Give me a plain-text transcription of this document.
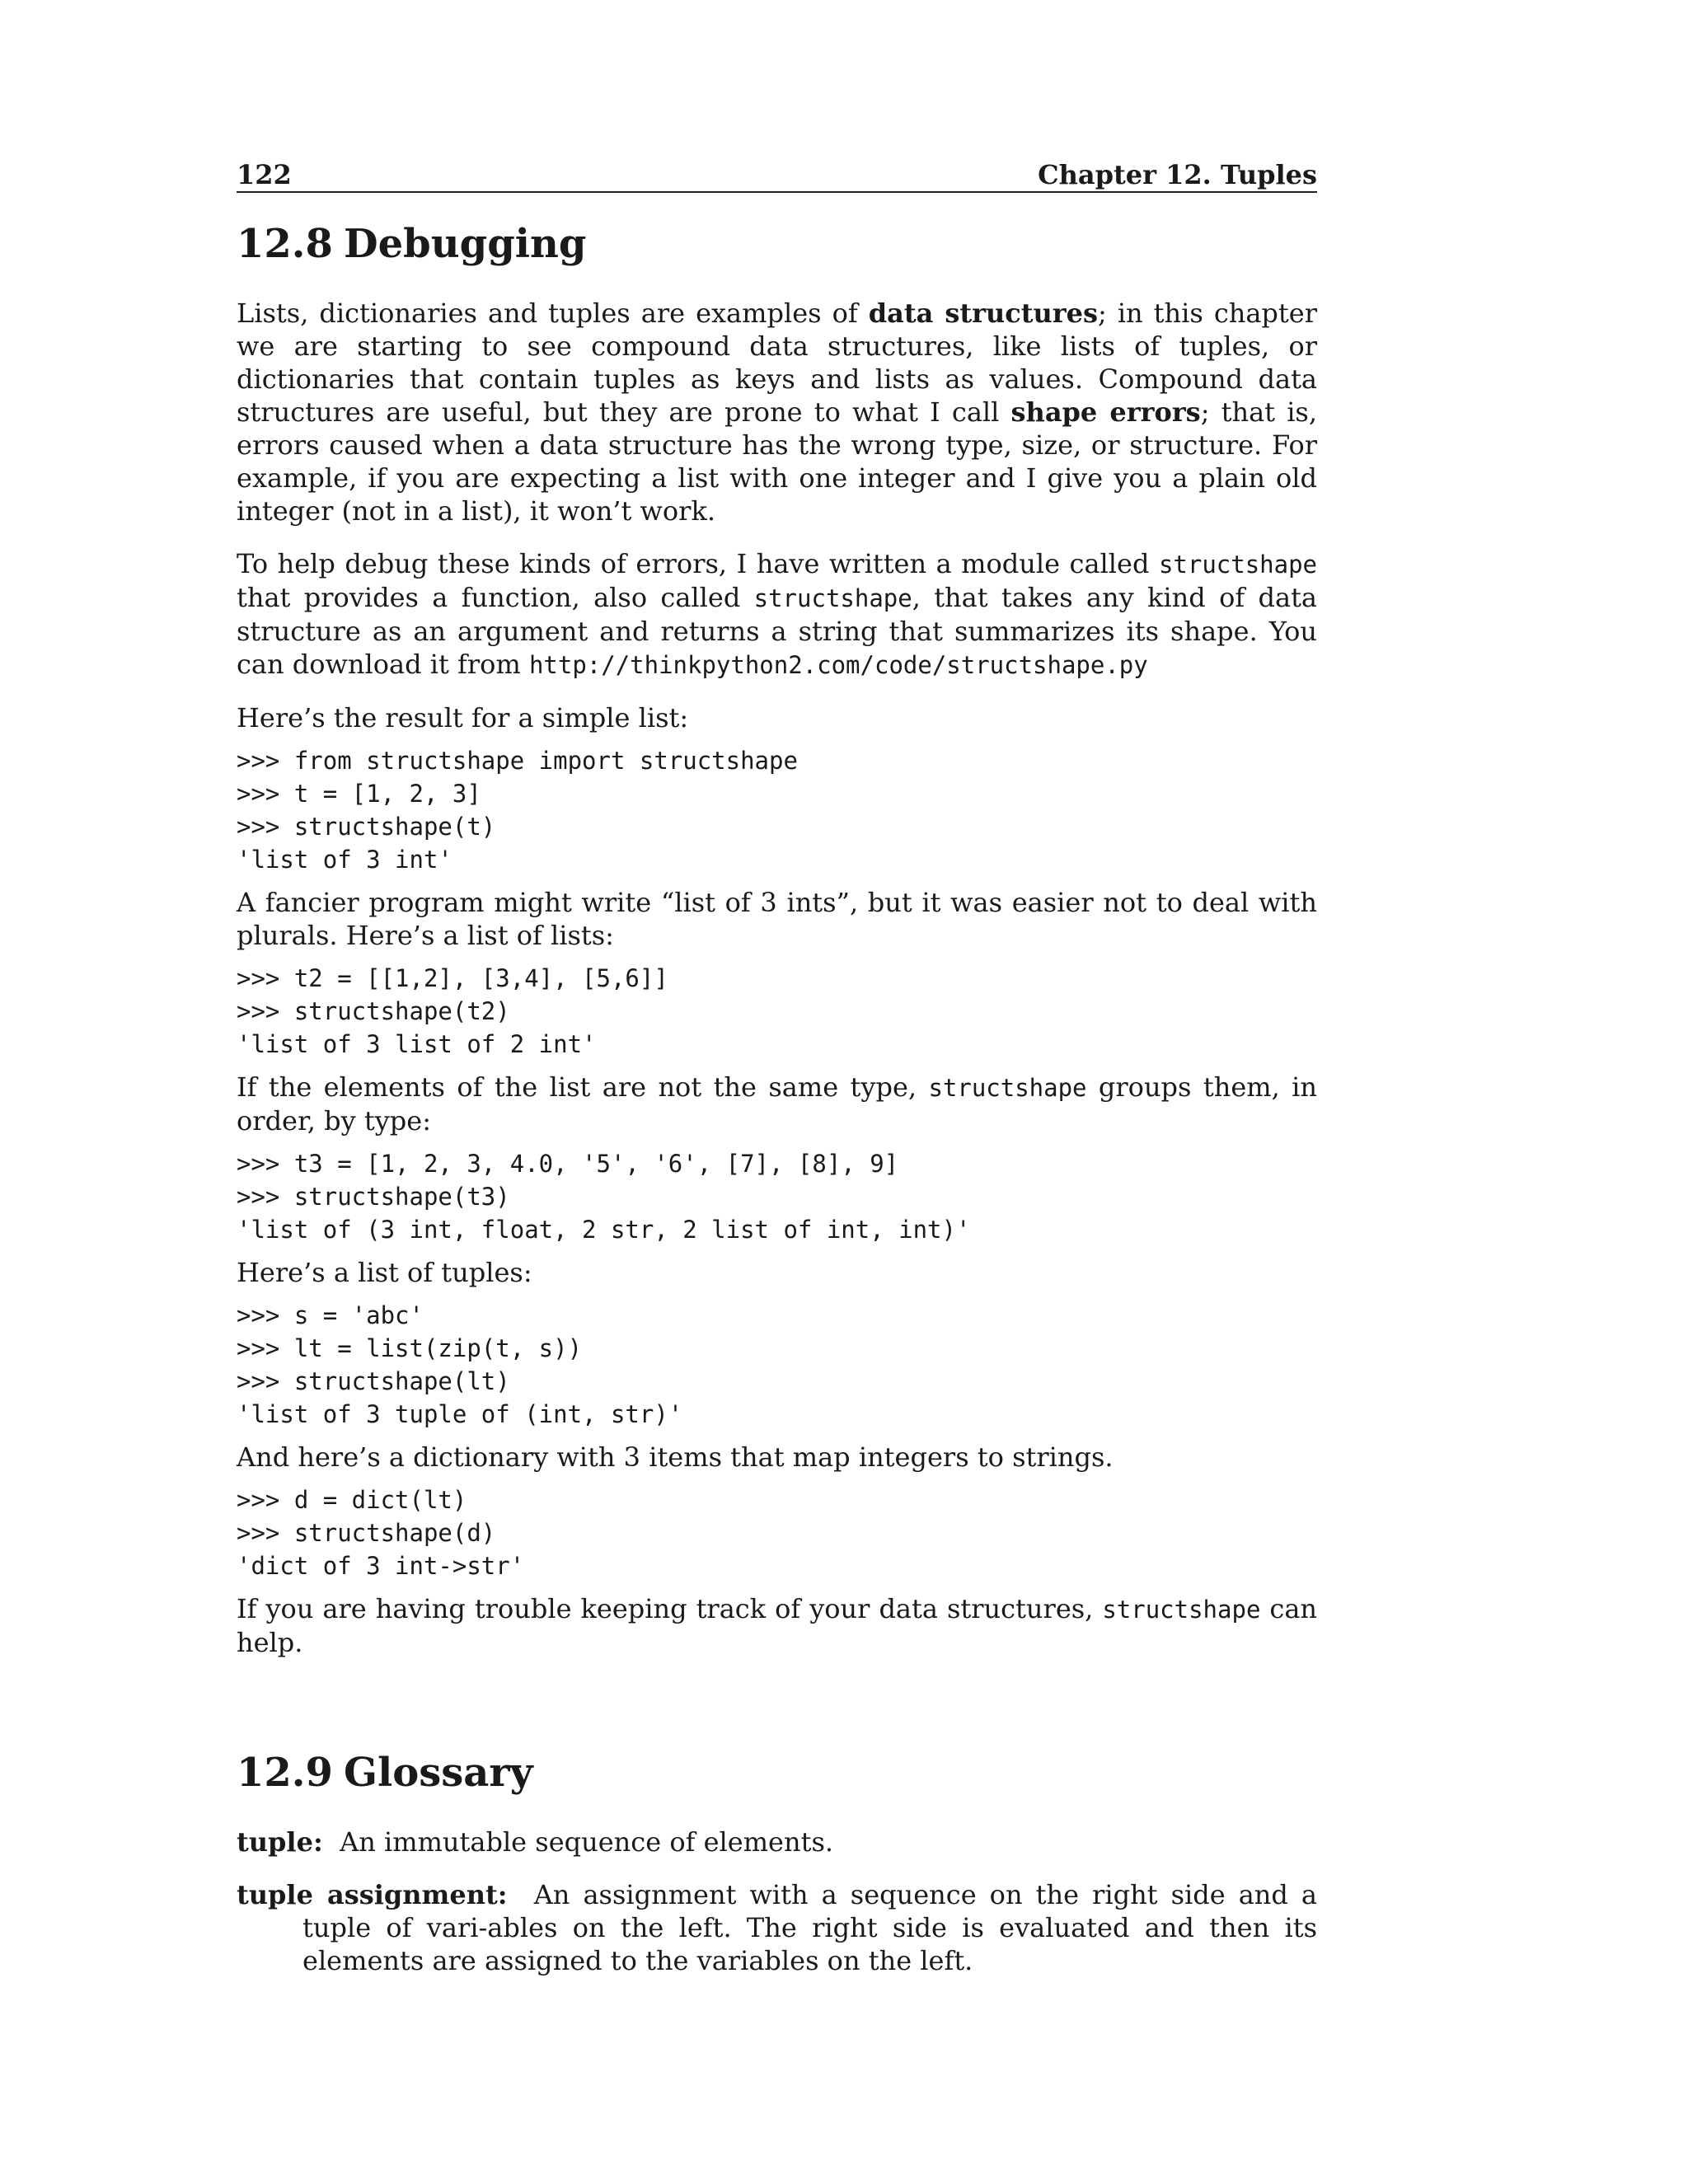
122	Chapter 12. Tuples
12.8 Debugging

Lists, dictionaries and tuples are examples of data structures; in this chapter we are starting to see compound data structures, like lists of tuples, or dictionaries that contain tuples as keys and lists as values. Compound data structures are useful, but they are prone to what I call shape errors; that is, errors caused when a data structure has the wrong type, size, or structure. For example, if you are expecting a list with one integer and I give you a plain old integer (not in a list), it won’t work.

To help debug these kinds of errors, I have written a module called structshape that provides a function, also called structshape, that takes any kind of data structure as an argument and returns a string that summarizes its shape. You can download it from http://thinkpython2.com/code/structshape.py

Here’s the result for a simple list:

>>> from structshape import structshape
>>> t = [1, 2, 3]
>>> structshape(t)
'list of 3 int'

A fancier program might write “list of 3 ints”, but it was easier not to deal with plurals. Here’s a list of lists:

>>> t2 = [[1,2], [3,4], [5,6]]
>>> structshape(t2)
'list of 3 list of 2 int'

If the elements of the list are not the same type, structshape groups them, in order, by type:

>>> t3 = [1, 2, 3, 4.0, '5', '6', [7], [8], 9]
>>> structshape(t3)
'list of (3 int, float, 2 str, 2 list of int, int)'

Here’s a list of tuples:

>>> s = 'abc'
>>> lt = list(zip(t, s))
>>> structshape(lt)
'list of 3 tuple of (int, str)'

And here’s a dictionary with 3 items that map integers to strings.

>>> d = dict(lt)
>>> structshape(d)
'dict of 3 int->str'

If you are having trouble keeping track of your data structures, structshape can help.

12.9 Glossary
tuple: An immutable sequence of elements.
tuple assignment: An assignment with a sequence on the right side and a tuple of vari-ables on the left. The right side is evaluated and then its elements are assigned to the variables on the left.
